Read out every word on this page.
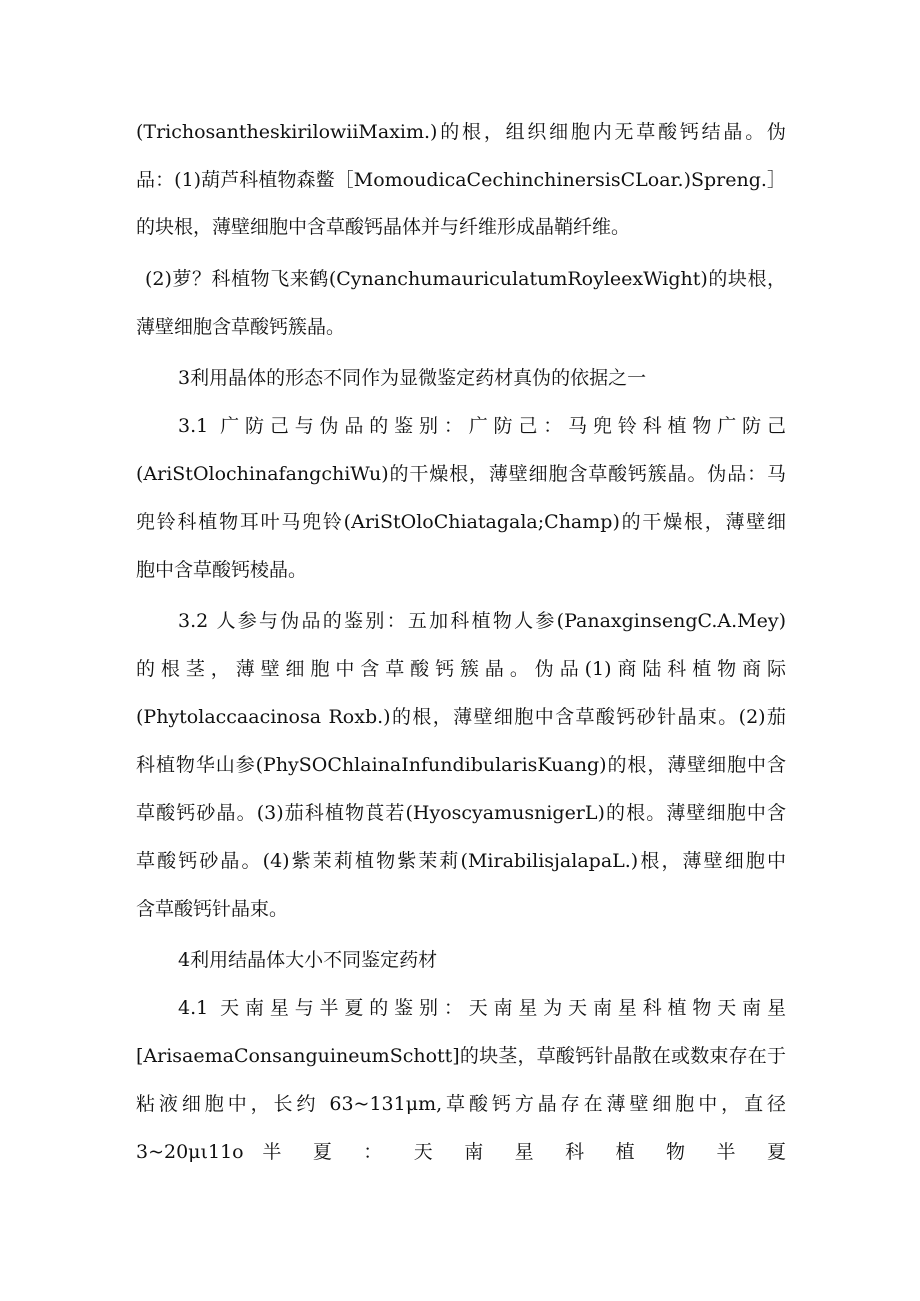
(TrichosantheskirilowiiMaxim.)的根，组织细胞内无草酸钙结晶。伪
品：(1)葫芦科植物森鳖［MomoudicaCechinchinersisCLoar.)Spreng.］
的块根，薄壁细胞中含草酸钙晶体并与纤维形成晶鞘纤维。
(2)萝？科植物飞来鹤(CynanchumauriculatumRoyleexWight)的块根，
薄壁细胞含草酸钙簇晶。
3利用晶体的形态不同作为显微鉴定药材真伪的依据之一
3.1 广防己与伪品的鉴别：广防己：马兜铃科植物广防己
(AriStOlochinafangchiWu)的干燥根，薄壁细胞含草酸钙簇晶。伪品：马
兜铃科植物耳叶马兜铃(AriStOloChiatagala;Champ)的干燥根，薄壁细
胞中含草酸钙棱晶。
3.2 人参与伪品的鉴别：五加科植物人参(PanaxginsengC.A.Mey)
的根茎，薄壁细胞中含草酸钙簇晶。伪品(1)商陆科植物商际
(Phytolaccaacinosa Roxb.)的根，薄壁细胞中含草酸钙砂针晶束。(2)茄
科植物华山参(PhySOChlainaInfundibularisKuang)的根，薄壁细胞中含
草酸钙砂晶。(3)茄科植物莨若(HyoscyamusnigerL)的根。薄壁细胞中含
草酸钙砂晶。(4)紫茉莉植物紫茉莉(MirabilisjalapaL.)根，薄壁细胞中
含草酸钙针晶束。
4利用结晶体大小不同鉴定药材
4.1 天南星与半夏的鉴别：天南星为天南星科植物天南星
[ArisaemaConsanguineumSchott]的块茎，草酸钙针晶散在或数束存在于
粘液细胞中，长约 63~131μm,草酸钙方晶存在薄壁细胞中，直径
3~20μι11o 半 夏 ： 天 南 星 科 植 物 半 夏
